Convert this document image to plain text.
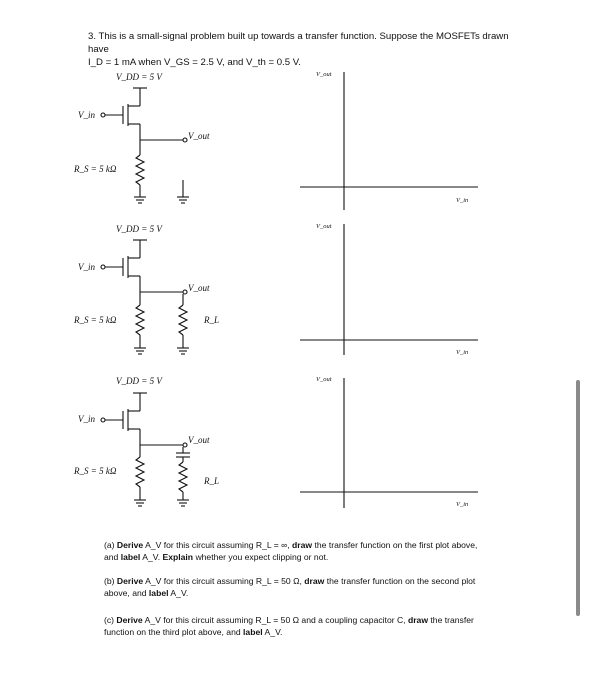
3. This is a small-signal problem built up towards a transfer function. Suppose the MOSFETs drawn have
I_D = 1 mA when V_GS = 2.5 V, and V_th = 0.5 V.
V_DD = 5 V
V_in
V_out
R_S = 5 kΩ
V_DD = 5 V
V_in
V_out
R_S = 5 kΩ	R_L
V_DD = 5 V
V_in
V_out
R_S = 5 kΩ
R_L
V_out
V_in
V_out
V_in
V_out
V_in
(a) Derive A_V for this circuit assuming R_L = ∞, draw the transfer function on the first plot above,
and label A_V. Explain whether you expect clipping or not.
(b) Derive A_V for this circuit assuming R_L = 50 Ω, draw the transfer function on the second plot
above, and label A_V.
(c) Derive A_V for this circuit assuming R_L = 50 Ω and a coupling capacitor C, draw the transfer
function on the third plot above, and label A_V.
